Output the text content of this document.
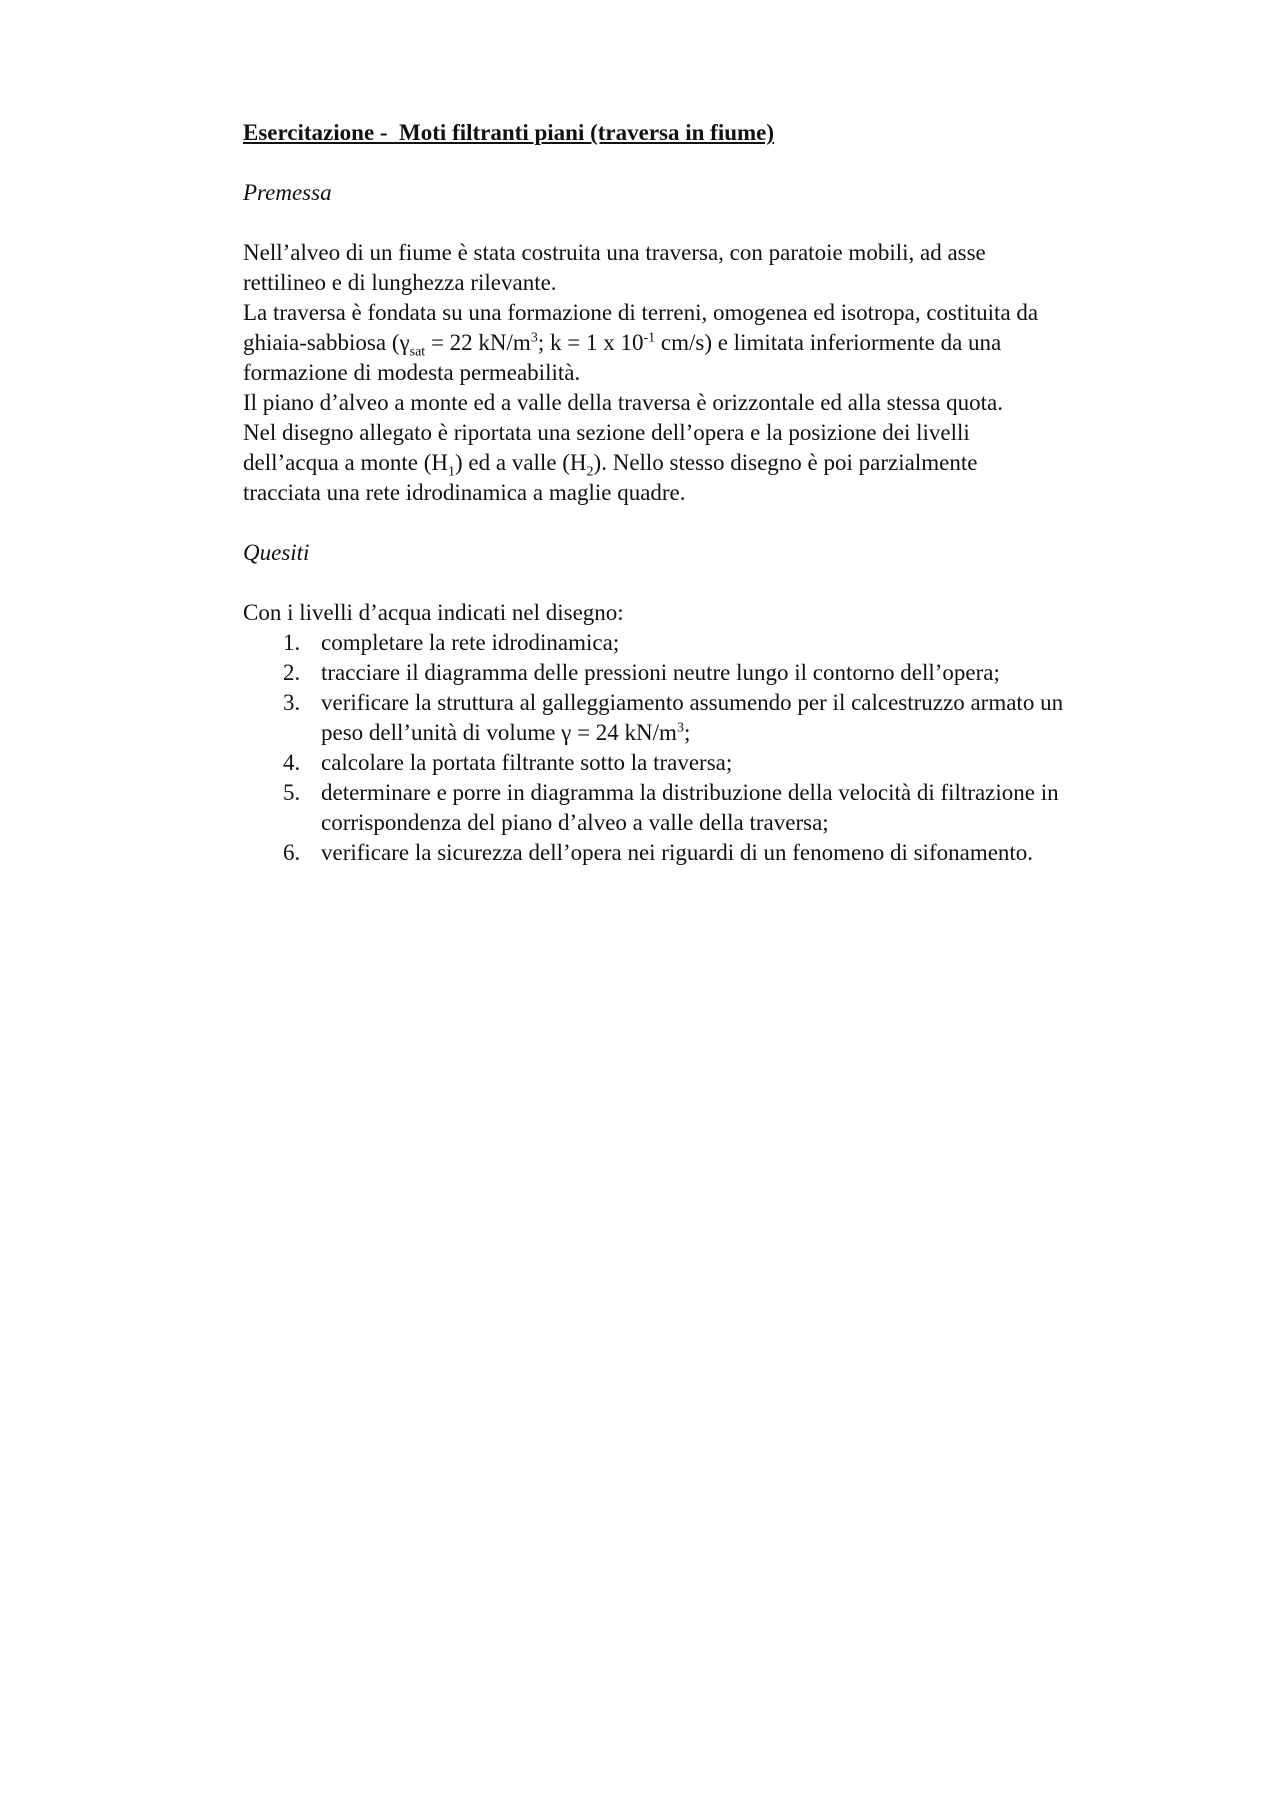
Esercitazione -  Moti filtranti piani (traversa in fiume)

Premessa

Nell’alveo di un fiume è stata costruita una traversa, con paratoie mobili, ad asse
rettilineo e di lunghezza rilevante.
La traversa è fondata su una formazione di terreni, omogenea ed isotropa, costituita da
ghiaia-sabbiosa ($\gamma_{sat} = 22$ $kN/m^3$; k = 1 x $10^{-1}$ cm/s) e limitata inferiormente da una
formazione di modesta permeabilità.
Il piano d’alveo a monte ed a valle della traversa è orizzontale ed alla stessa quota.
Nel disegno allegato è riportata una sezione dell’opera e la posizione dei livelli
dell’acqua a monte $(H_1)$ ed a valle $(H_2)$. Nello stesso disegno è poi parzialmente
tracciata una rete idrodinamica a maglie quadre.

Quesiti

Con i livelli d’acqua indicati nel disegno:

1. completare la rete idrodinamica;
2. tracciare il diagramma delle pressioni neutre lungo il contorno dell’opera;
3. verificare la struttura al galleggiamento assumendo per il calcestruzzo armato un
peso dell’unità di volume γ = 24 $kN/m^3$;
4. calcolare la portata filtrante sotto la traversa;
5. determinare e porre in diagramma la distribuzione della velocità di filtrazione in
corrispondenza del piano d’alveo a valle della traversa;
6. verificare la sicurezza dell’opera nei riguardi di un fenomeno di sifonamento.
